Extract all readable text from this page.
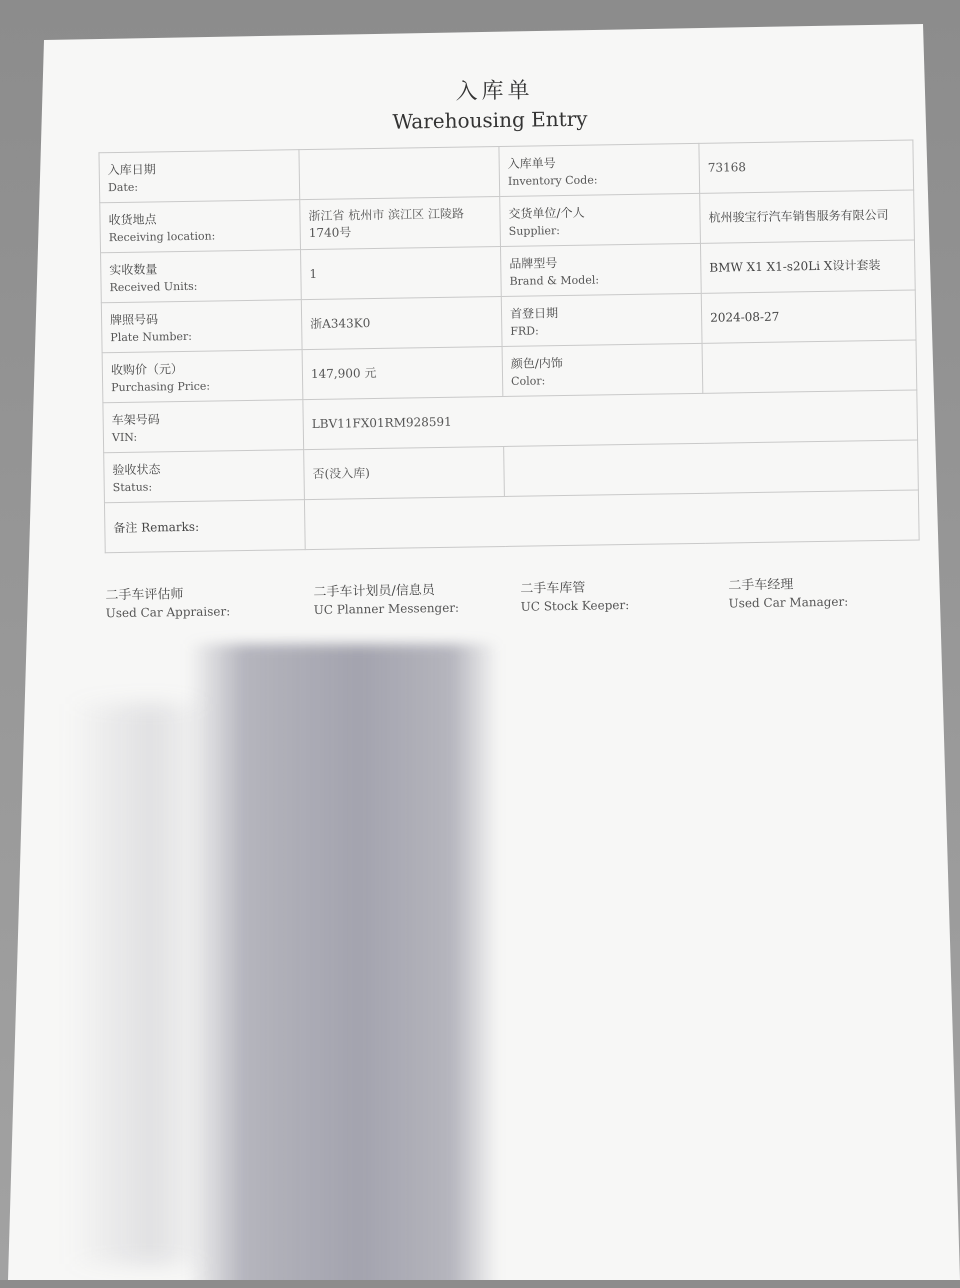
入库单
Warehousing Entry
入库日期
Date:		入库单号
Inventory Code:	73168

收货地点
Receiving location:	浙江省 杭州市 滨江区 江陵路1740号	交货单位/个人
Supplier:	杭州骏宝行汽车销售服务有限公司

实收数量
Received Units:	1	品牌型号
Brand & Model:	BMW X1 X1-s20Li X设计套装

牌照号码
Plate Number:	浙A343K0	首登日期
FRD:	2024-08-27

收购价（元）
Purchasing Price:	147,900 元	颜色/内饰
Color:	

车架号码
VIN:	LBV11FX01RM928591		

验收状态
Status:	否(没入库)		

备注 Remarks:			

二手车评估师
Used Car Appraiser:
二手车计划员/信息员
UC Planner Messenger:
二手车库管
UC Stock Keeper:
二手车经理
Used Car Manager:
